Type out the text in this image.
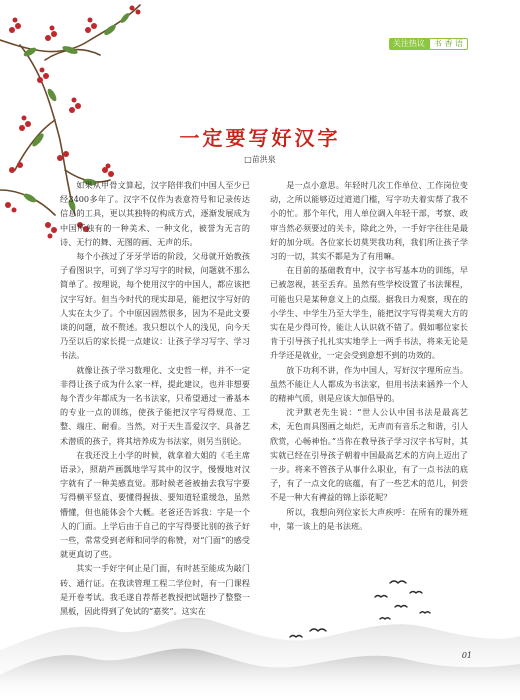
关注热议	书 香 语
一定要写好汉字
□苗洪泉

如果从甲骨文算起，汉字陪伴我们中国人至少已经3400多年了。汉字不仅作为表意符号和记录传达信息的工具，更以其独特的构成方式，逐渐发展成为中国所独有的一种美术、一种文化，被誉为无言的诗、无行的舞、无图的画、无声的乐。

每个小孩过了牙牙学语的阶段，父母就开始教孩子看图识字，可到了学习写字的时候，问题就不那么简单了。按理说，每个使用汉字的中国人，都应该把汉字写好。但当今时代的现实却是，能把汉字写好的人实在太少了。个中原因固然很多，因为不是此文要谈的问题，故不赘述。我只想以个人的浅见，向今天乃至以后的家长提一点建议：让孩子学习写字、学习书法。

就像让孩子学习数理化、文史哲一样，并不一定非得让孩子成为什么家一样，提此建议，也并非想要每个青少年都成为一名书法家，只希望通过一番基本的专业一点的训练，使孩子能把汉字写得规范、工整、端庄、耐看。当然，对于天生喜爱汉字、具备艺术潜质的孩子，将其培养成为书法家，则另当别论。

在我还没上小学的时候，就拿着大姐的《毛主席语录》，照葫芦画瓢地学写其中的汉字，慢慢地对汉字就有了一种美感直觉。那时候老爸被抽去我写字要写得横平竖直、要懂得握拔、要知道轻重缓急，虽然懵懂，但也能体会个大概。老爸还告诉我：字是一个人的门面。上学后由于自己的字写得要比别的孩子好一些，常常受到老师和同学的称赞，对“门面”的感受就更真切了些。

其实一手好字何止是门面，有时甚至能成为敲门砖、通行证。在我读管理工程二学位时，有一门课程是开卷考试。我毛遂自荐帮老教授把试题抄了整整一黑板，因此得到了免试的“嘉奖”。这实在

是一点小意思。年轻时几次工作单位、工作岗位变动，之所以能够迈过道道门槛，写字功夫着实帮了我不小的忙。那个年代，用人单位调入年轻干部，考察、政审当然必须要过的关卡，除此之外，一手好字往往是最好的加分项。各位家长切莫哭我功利，我们所让孩子学习的一切，其实不都是为了有用嘛。

在目前的基础教育中，汉字书写基本功的训练，早已被忽视，甚至丢弃。虽然有些学校设置了书法课程，可能也只是某种意义上的点缀。据我日力观察，现在的小学生、中学生乃至大学生，能把汉字写得美观大方的实在是少得可怜，能让人认识就不错了。假如哪位家长肯于引导孩子扎扎实实地学上一两手书法，将来无论是升学还是就业，一定会受到意想不到的功效的。

放下功利不讲，作为中国人，写好汉字理所应当。虽然不能让人人都成为书法家，但用书法来涵养一个人的精神气质，则是应该大加倡导的。

沈尹默老先生说：“世人公认中国书法是最高艺术，无色而具图画之灿烂，无声而有音乐之和谐，引人欣赏，心畅神怡。”当你在教导孩子学习汉字书写时，其实就已经在引导孩子朝着中国最高艺术的方向上迈出了一步。将来不管孩子从事什么职业，有了一点书法的底子，有了一点文化的底蕴，有了一些艺术的范儿，何尝不是一种大有裨益的锦上添花呢？

所以，我想向列位家长大声疾呼：在所有的课外班中，第一该上的是书法班。

01
